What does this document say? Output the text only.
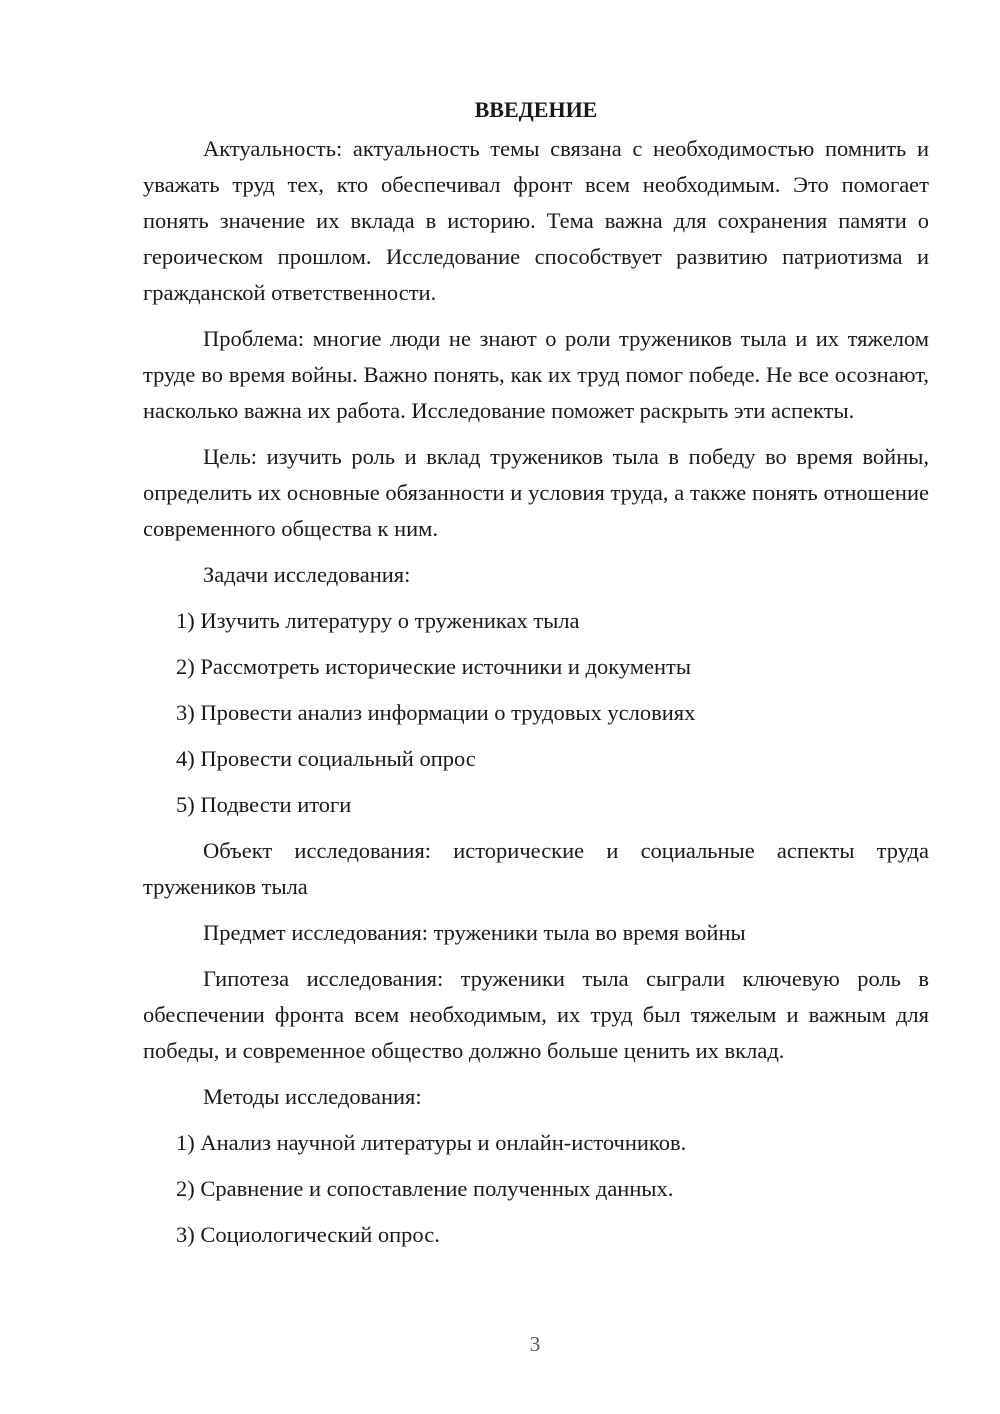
ВВЕДЕНИЕ

Актуальность: актуальность темы связана с необходимостью помнить и уважать труд тех, кто обеспечивал фронт всем необходимым. Это помогает понять значение их вклада в историю. Тема важна для сохранения памяти о героическом прошлом. Исследование способствует развитию патриотизма и гражданской ответственности.

Проблема: многие люди не знают о роли тружеников тыла и их тяжелом труде во время войны. Важно понять, как их труд помог победе. Не все осознают, насколько важна их работа. Исследование поможет раскрыть эти аспекты.

Цель: изучить роль и вклад тружеников тыла в победу во время войны, определить их основные обязанности и условия труда, а также понять отношение современного общества к ним.

Задачи исследования:

1) Изучить литературу о тружениках тыла
2) Рассмотреть исторические источники и документы
3) Провести анализ информации о трудовых условиях
4) Провести социальный опрос
5) Подвести итоги

Объект исследования: исторические и социальные аспекты труда тружеников тыла

Предмет исследования: труженики тыла во время войны

Гипотеза исследования: труженики тыла сыграли ключевую роль в обеспечении фронта всем необходимым, их труд был тяжелым и важным для победы, и современное общество должно больше ценить их вклад.

Методы исследования:

1) Анализ научной литературы и онлайн-источников.
2) Сравнение и сопоставление полученных данных.
3) Социологический опрос.
3
